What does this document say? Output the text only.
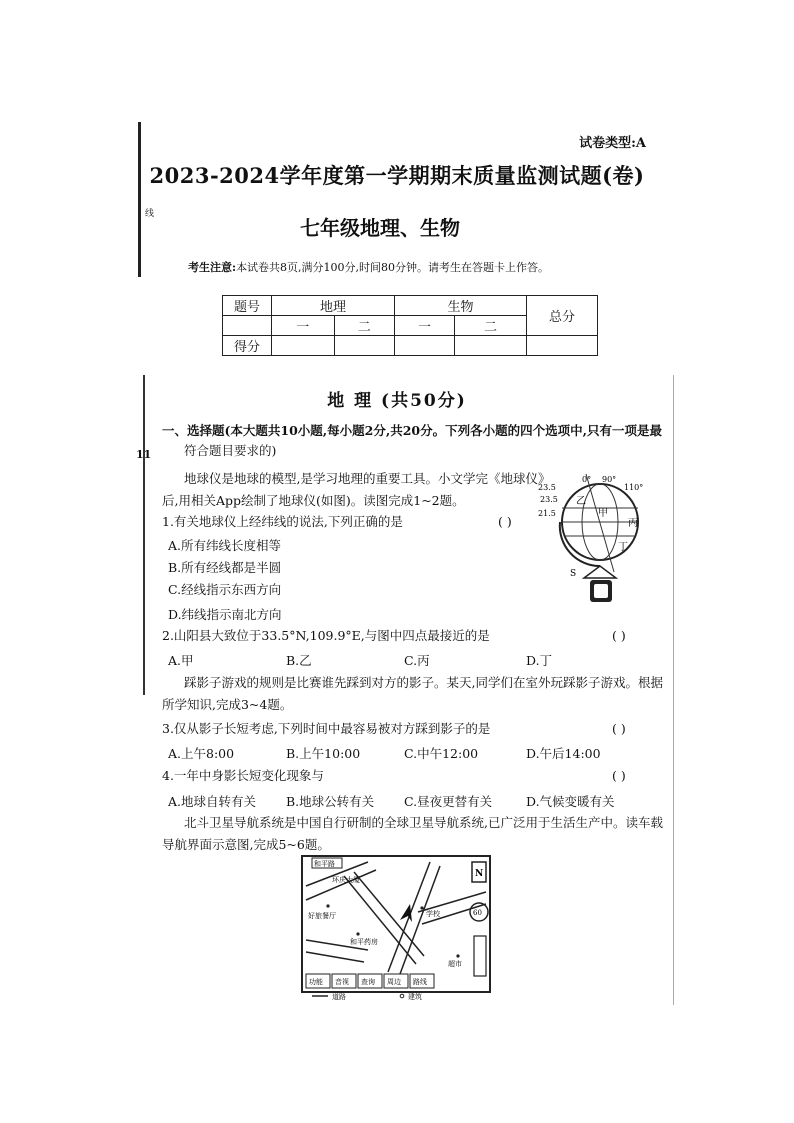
试卷类型:A
线
2023-2024学年度第一学期期末质量监测试题(卷)
七年级地理、生物
考生注意:本试卷共8页,满分100分,时间80分钟。请考生在答题卡上作答。
题号	地理		生物		总分
	一	二	一	二	
得分					
11
地 理 (共50分)
一、选择题(本大题共10小题,每小题2分,共20分。下列各小题的四个选项中,只有一项是最
符合题目要求的)
地球仪是地球的模型,是学习地理的重要工具。小文学完《地球仪》
后,用相关App绘制了地球仪(如图)。读图完成1~2题。
1.有关地球仪上经纬线的说法,下列正确的是	( )
A.所有纬线长度相等
B.所有经线都是半圆
C.经线指示东西方向
D.纬线指示南北方向
23.5
23.5
21.5
0° 90°
110°
乙
甲
丙
丁
S
2.山阳县大致位于33.5°N,109.9°E,与图中四点最接近的是	( )
A.甲	B.乙	C.丙	D.丁
踩影子游戏的规则是比赛谁先踩到对方的影子。某天,同学们在室外玩踩影子游戏。根据
所学知识,完成3~4题。
3.仅从影子长短考虑,下列时间中最容易被对方踩到影子的是	( )
A.上午8:00	B.上午10:00	C.中午12:00	D.午后14:00
4.一年中身影长短变化现象与	( )
A.地球自转有关 B.地球公转有关 C.昼夜更替有关	D.气候变暖有关
北斗卫星导航系统是中国自行研制的全球卫星导航系统,已广泛用于生活生产中。读车载
导航界面示意图,完成5~6题。
N
60
和平路
环庆大厦
好旅餐厅	学校
和平药房
超市
功能 音视 查询 周边 路线
道路	建筑
